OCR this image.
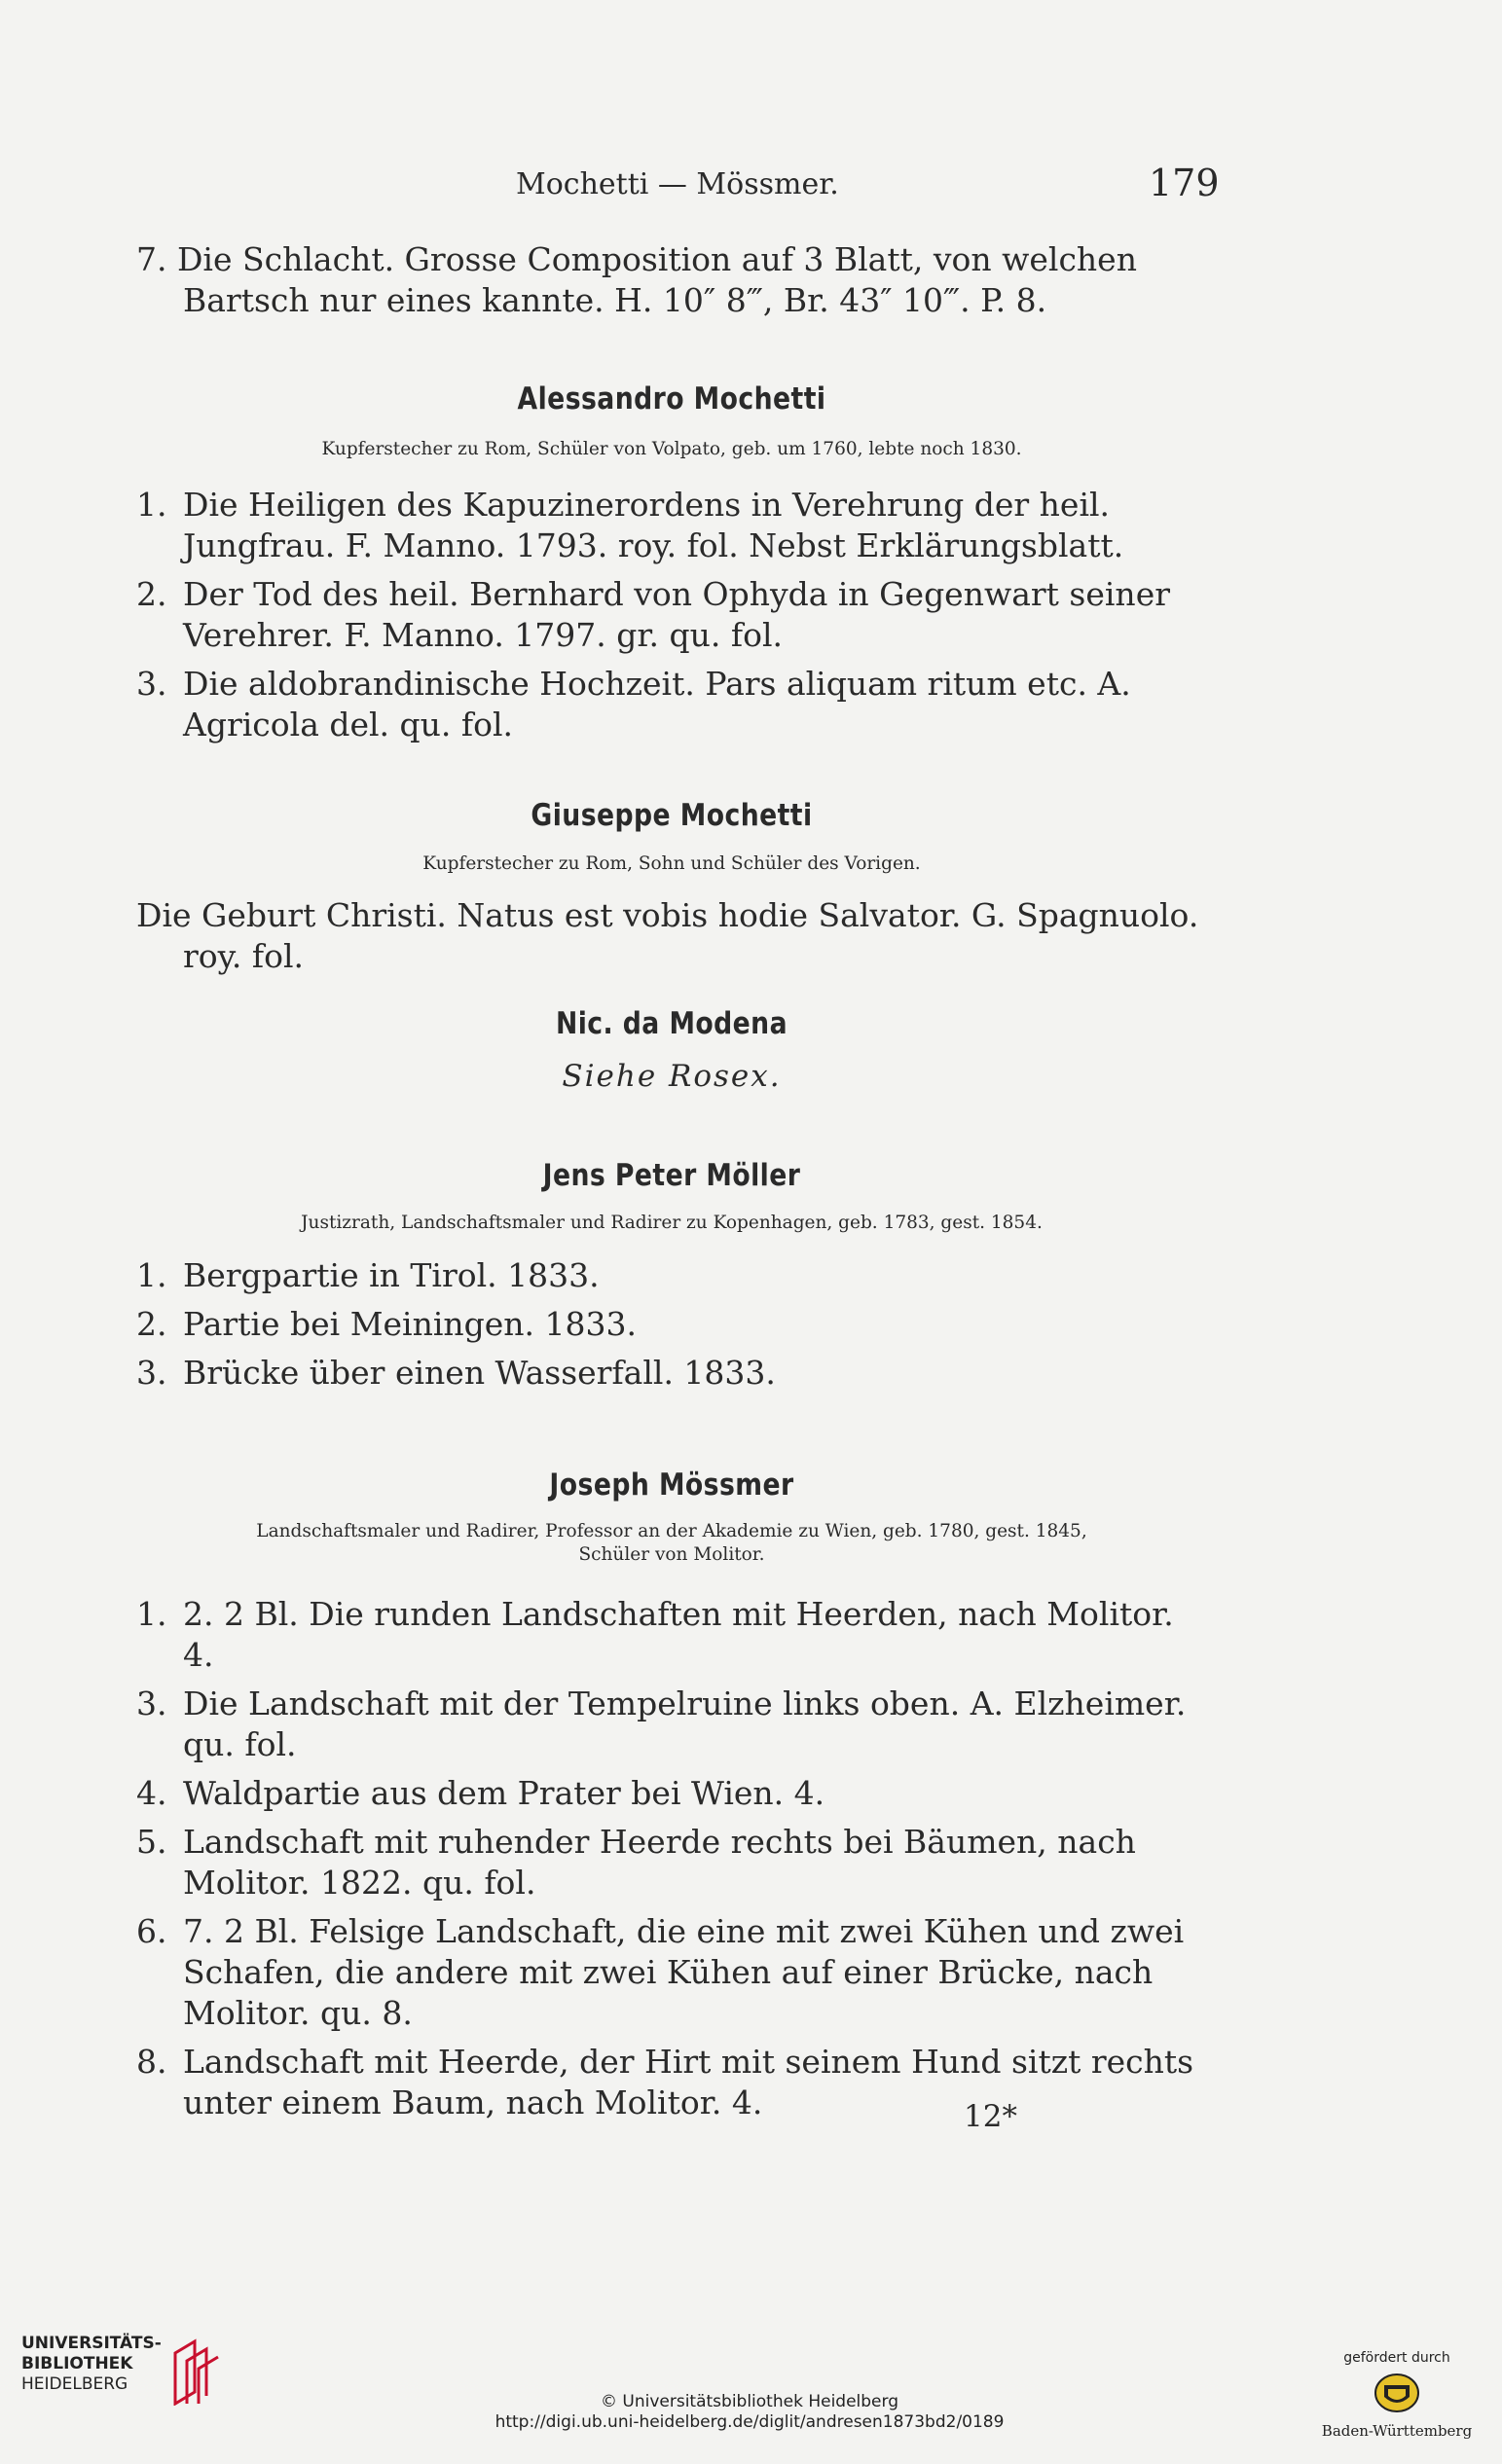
Mochetti — Mössmer.	179
7. Die Schlacht. Grosse Composition auf 3 Blatt, von welchen
Bartsch nur eines kannte. H. 10″ 8‴, Br. 43″ 10‴. P. 8.
Alessandro Mochetti
Kupferstecher zu Rom, Schüler von Volpato, geb. um 1760, lebte noch 1830.

1. Die Heiligen des Kapuzinerordens in Verehrung der heil. Jungfrau. F. Manno. 1793. roy. fol. Nebst Erklärungsblatt.

2. Der Tod des heil. Bernhard von Ophyda in Gegenwart seiner Verehrer. F. Manno. 1797. gr. qu. fol.

3. Die aldobrandinische Hochzeit. Pars aliquam ritum etc. A. Agricola del. qu. fol.

Giuseppe Mochetti
Kupferstecher zu Rom, Sohn und Schüler des Vorigen.
Die Geburt Christi. Natus est vobis hodie Salvator. G. Spagnuolo.
roy. fol.
Nic. da Modena
Siehe Rosex.
Jens Peter Möller
Justizrath, Landschaftsmaler und Radirer zu Kopenhagen, geb. 1783, gest. 1854.

1. Bergpartie in Tirol. 1833.

2. Partie bei Meiningen. 1833.

3. Brücke über einen Wasserfall. 1833.

Joseph Mössmer
Landschaftsmaler und Radirer, Professor an der Akademie zu Wien, geb. 1780, gest. 1845,
Schüler von Molitor.

1. 2. 2 Bl. Die runden Landschaften mit Heerden, nach Molitor. 4.

3. Die Landschaft mit der Tempelruine links oben. A. Elzheimer. qu. fol.

4. Waldpartie aus dem Prater bei Wien. 4.

5. Landschaft mit ruhender Heerde rechts bei Bäumen, nach Molitor. 1822. qu. fol.

6. 7. 2 Bl. Felsige Landschaft, die eine mit zwei Kühen und zwei Schafen, die andere mit zwei Kühen auf einer Brücke, nach Molitor. qu. 8.

8. Landschaft mit Heerde, der Hirt mit seinem Hund sitzt rechts unter einem Baum, nach Molitor. 4.	12*
UNIVERSITÄTS-
BIBLIOTHEK
HEIDELBERG
© Universitätsbibliothek Heidelberg
http://digi.ub.uni-heidelberg.de/diglit/andresen1873bd2/0189
gefördert durch
Baden-Württemberg
